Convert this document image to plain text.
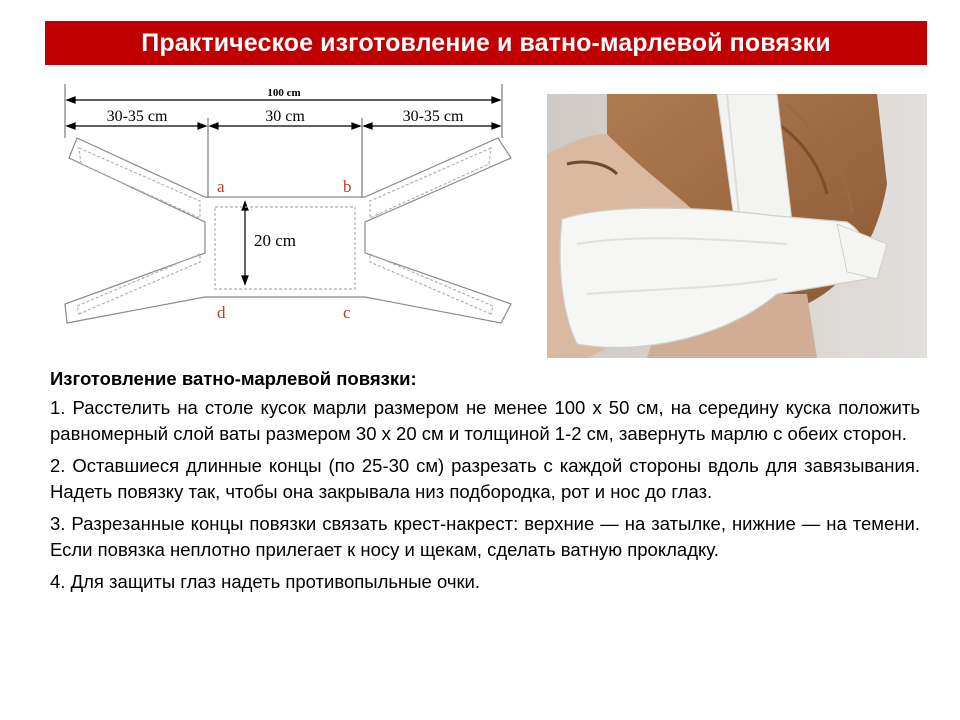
Практическое изготовление и ватно-марлевой повязки
100 cm
30-35 cm	30 cm	30-35 cm
20 cm
a	b
d	c
Изготовление ватно-марлевой повязки:

1. Расстелить на столе кусок марли размером не менее 100 х 50 см, на середину куска положить равномерный слой ваты размером 30 х 20 см и толщиной 1-2 см, завернуть марлю с обеих сторон.

2. Оставшиеся длинные концы (по 25-30 см) разрезать с каждой стороны вдоль для завязывания. Надеть повязку так, чтобы она закрывала низ подбородка, рот и нос до глаз.

3. Разрезанные концы повязки связать крест-накрест: верхние — на затылке, нижние — на темени. Если повязка неплотно прилегает к носу и щекам, сделать ватную прокладку.

4. Для защиты глаз надеть противопыльные очки.
